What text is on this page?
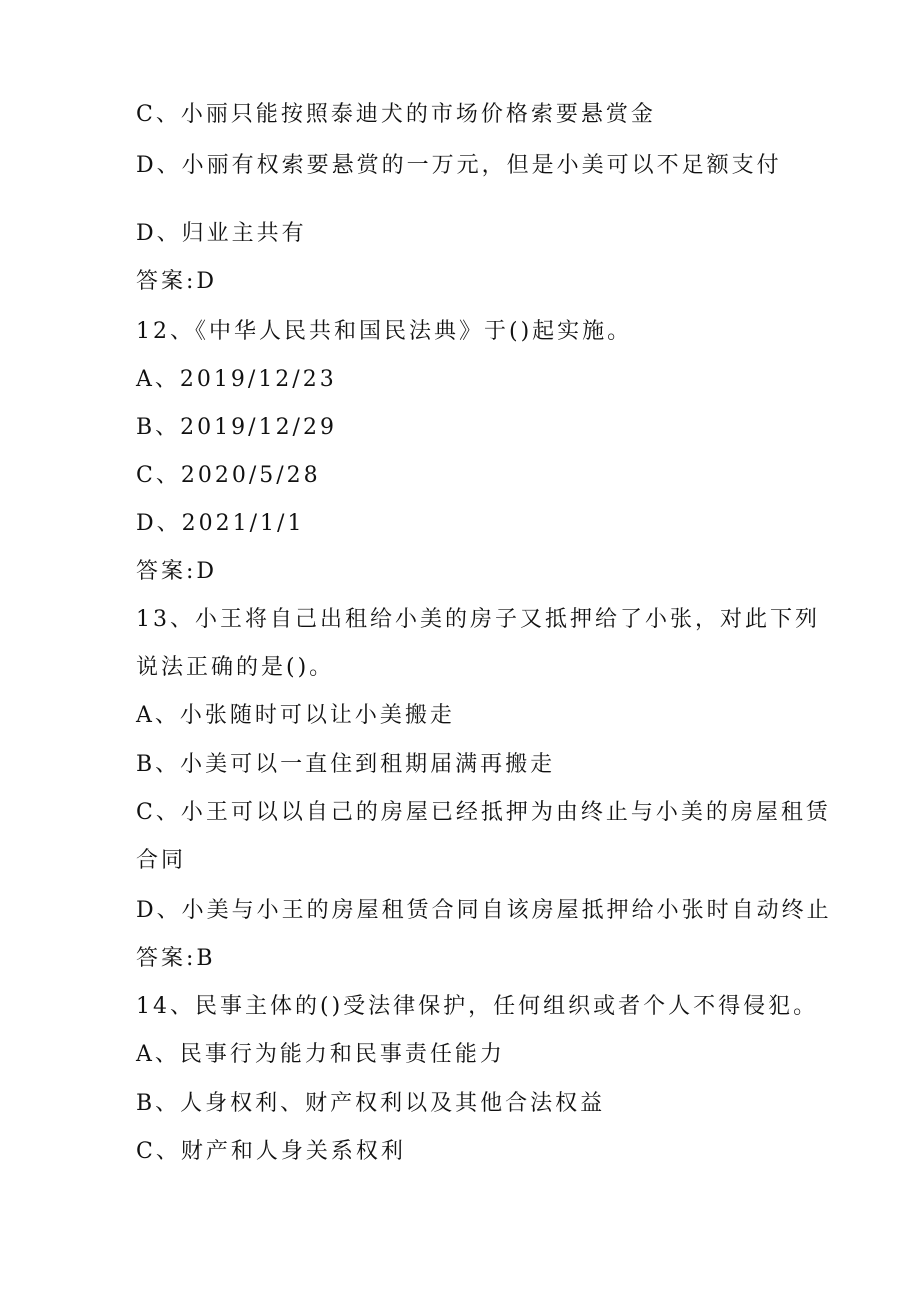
C、小丽只能按照泰迪犬的市场价格索要悬赏金
D、小丽有权索要悬赏的一万元，但是小美可以不足额支付
D、归业主共有
答案:D
12、《中华人民共和国民法典》于()起实施。
A、2019/12/23
B、2019/12/29
C、2020/5/28
D、2021/1/1
答案:D
13、小王将自己出租给小美的房子又抵押给了小张，对此下列
说法正确的是()。
A、小张随时可以让小美搬走
B、小美可以一直住到租期届满再搬走
C、小王可以以自己的房屋已经抵押为由终止与小美的房屋租赁
合同
D、小美与小王的房屋租赁合同自该房屋抵押给小张时自动终止
答案:B
14、民事主体的()受法律保护，任何组织或者个人不得侵犯。
A、民事行为能力和民事责任能力
B、人身权利、财产权利以及其他合法权益
C、财产和人身关系权利
